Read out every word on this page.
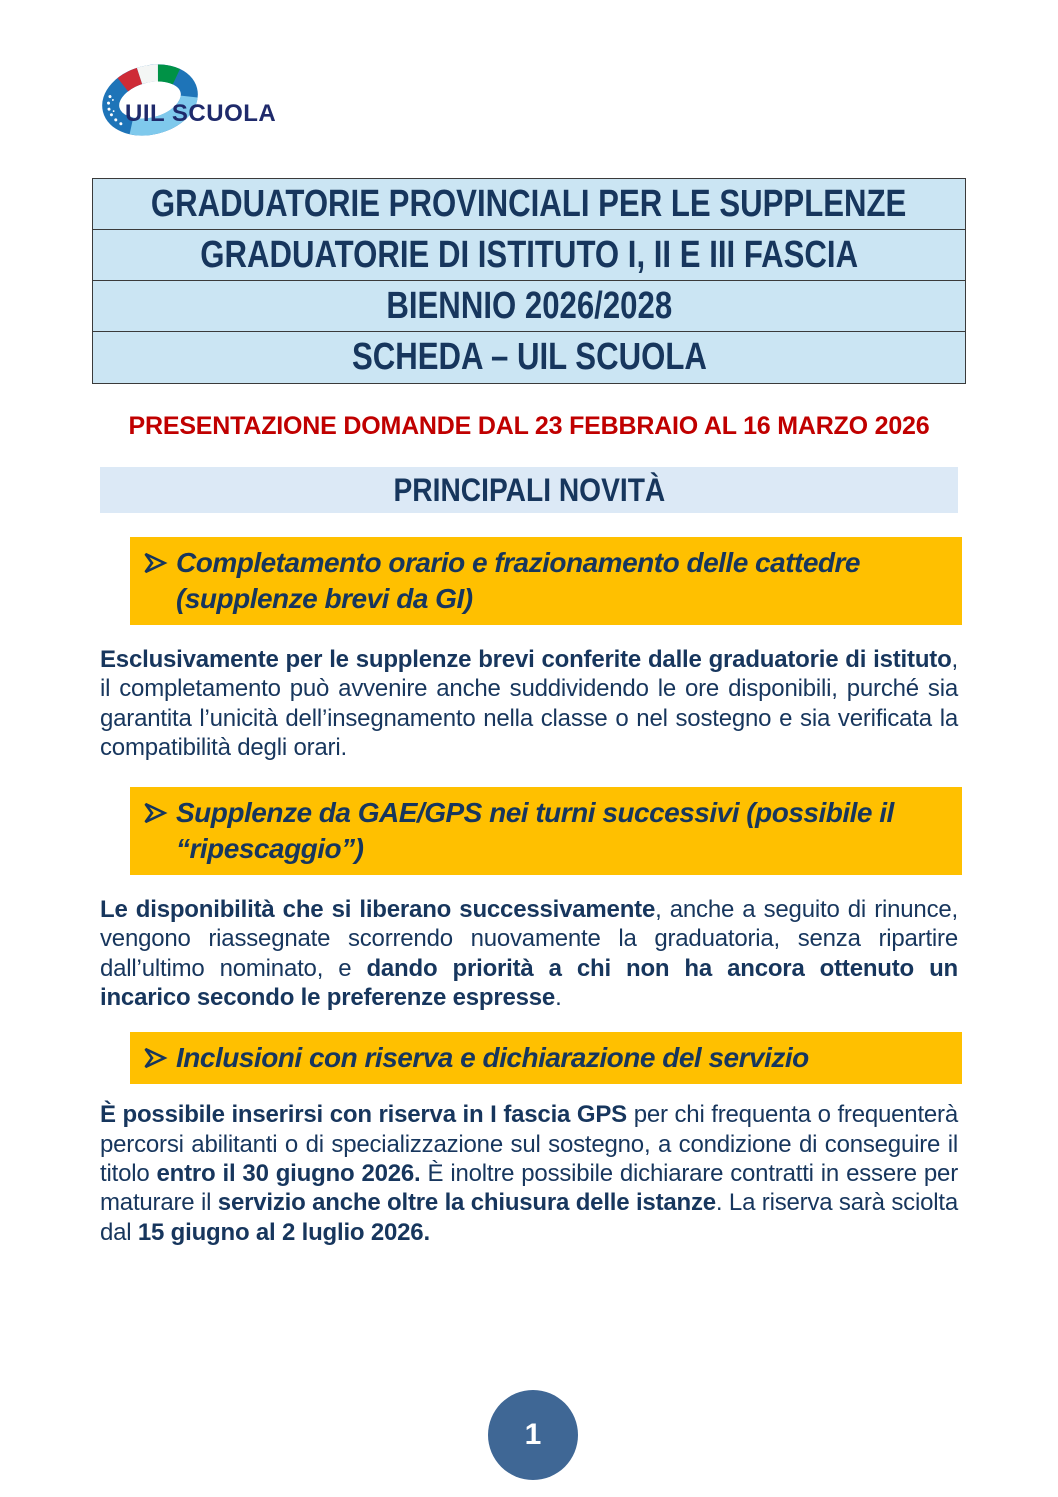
UIL SCUOLA
GRADUATORIE PROVINCIALI PER LE SUPPLENZE
GRADUATORIE DI ISTITUTO I, II E III FASCIA
BIENNIO 2026/2028
SCHEDA – UIL SCUOLA
PRESENTAZIONE DOMANDE DAL 23 FEBBRAIO AL 16 MARZO 2026
PRINCIPALI NOVITÀ
Completamento orario e frazionamento delle cattedre
(supplenze brevi da GI)

Esclusivamente per le supplenze brevi conferite dalle graduatorie di istituto, il completamento può avvenire anche suddividendo le ore disponibili, purché sia garantita l’unicità dell’insegnamento nella classe o nel sostegno e sia verificata la compatibilità degli orari.

Supplenze da GAE/GPS nei turni successivi (possibile il
“ripescaggio”)

Le disponibilità che si liberano successivamente, anche a seguito di rinunce, vengono riassegnate scorrendo nuovamente la graduatoria, senza ripartire dall’ultimo nominato, e dando priorità a chi non ha ancora ottenuto un incarico secondo le preferenze espresse.

Inclusioni con riserva e dichiarazione del servizio

È possibile inserirsi con riserva in I fascia GPS per chi frequenta o frequenterà percorsi abilitanti o di specializzazione sul sostegno, a condizione di conseguire il titolo entro il 30 giugno 2026. È inoltre possibile dichiarare contratti in essere per maturare il servizio anche oltre la chiusura delle istanze. La riserva sarà sciolta dal 15 giugno al 2 luglio 2026.

1
